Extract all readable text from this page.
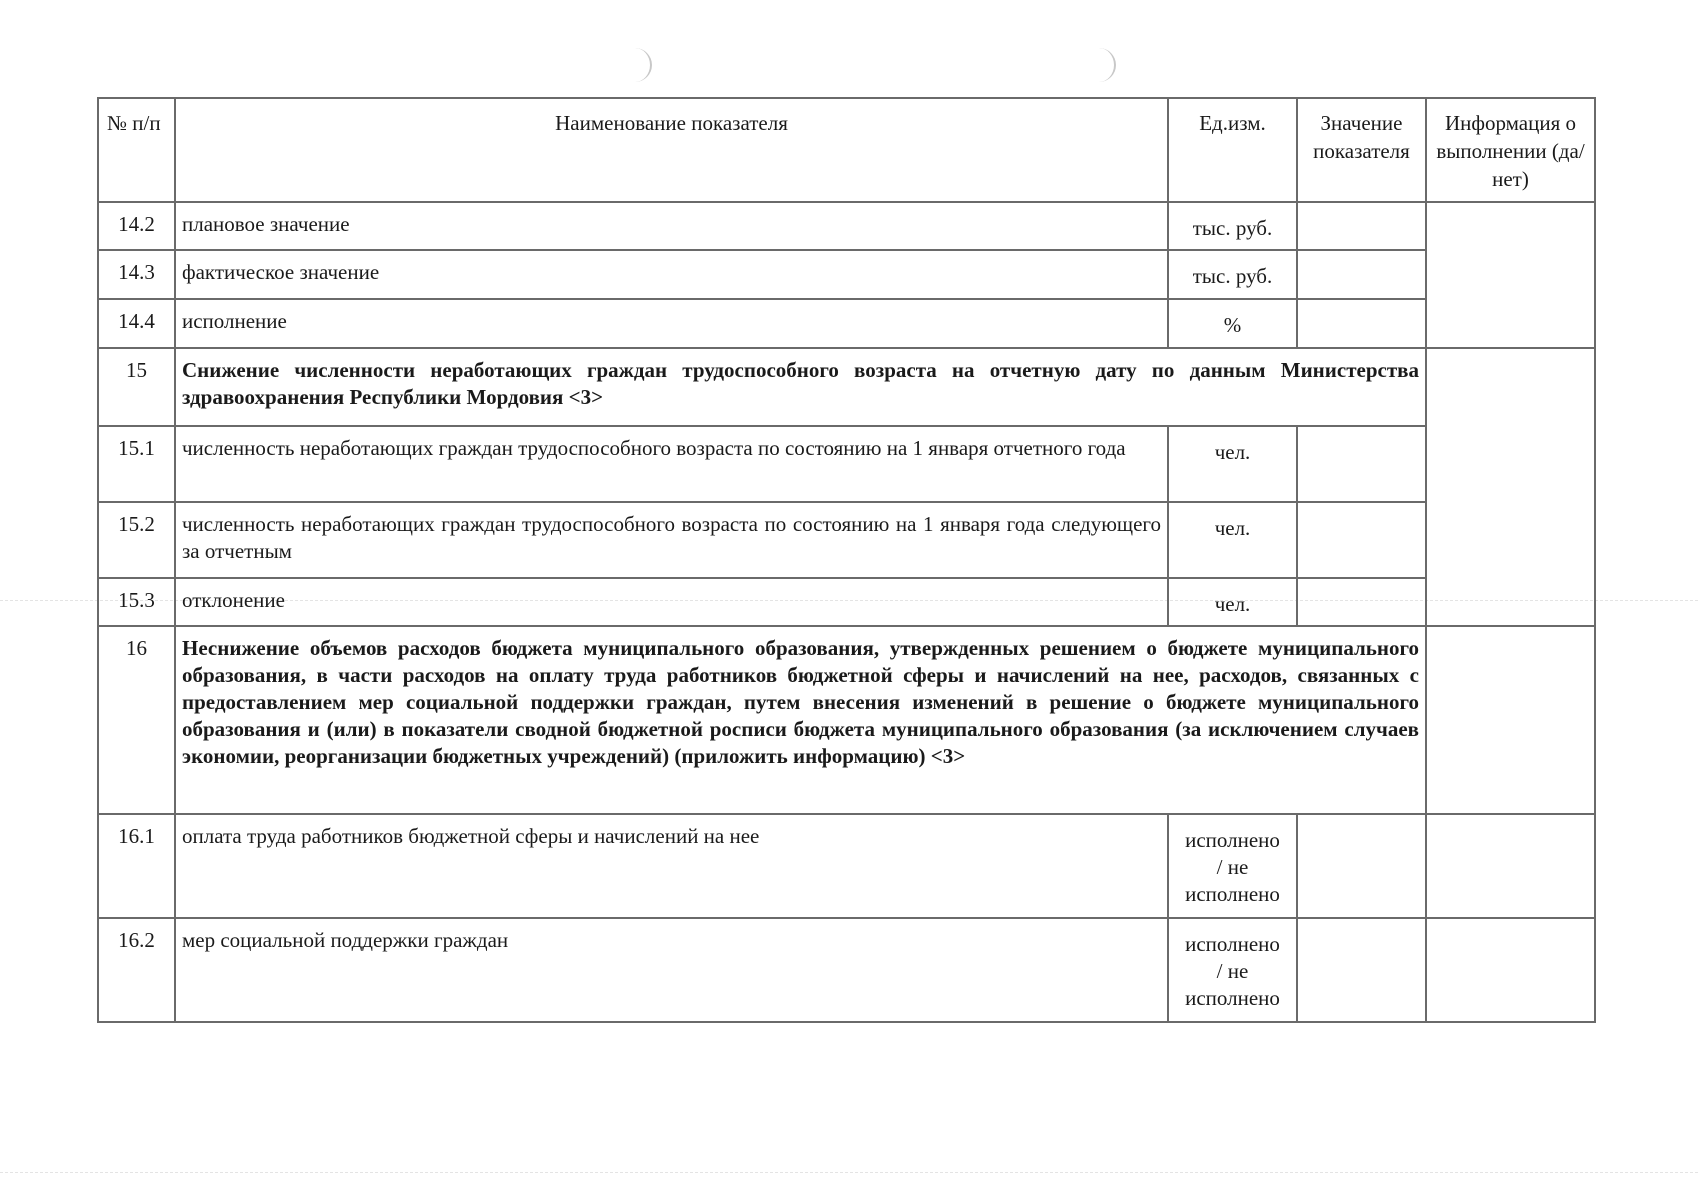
№ п/п	Наименование показателя	Ед.изм.	Значение показателя	Информация о выполнении (да/ нет)
14.2	плановое значение	тыс. руб.		
14.3	фактическое значение	тыс. руб.		
14.4	исполнение	%		
15	Снижение численности неработающих граждан трудоспособного возраста на отчетную дату по данным Министерства здравоохранения Республики Мордовия <3>			
15.1	численность неработающих граждан трудоспособного возраста по состоянию на 1 января отчетного года	чел.		
15.2	численность неработающих граждан трудоспособного возраста по состоянию на 1 января года следующего за отчетным	чел.		
15.3	отклонение	чел.		
16	Неснижение объемов расходов бюджета муниципального образования, утвержденных решением о бюджете муниципального образования, в части расходов на оплату труда работников бюджетной сферы и начислений на нее, расходов, связанных с предоставлением мер социальной поддержки граждан, путем внесения изменений в решение о бюджете муниципального образования и (или) в показатели сводной бюджетной росписи бюджета муниципального образования (за исключением случаев экономии, реорганизации бюджетных учреждений) (приложить информацию) <3>			
16.1	оплата труда работников бюджетной сферы и начислений на нее	исполнено
/ не
исполнено		

16.2	мер социальной поддержки граждан	исполнено
/ не
исполнено		
